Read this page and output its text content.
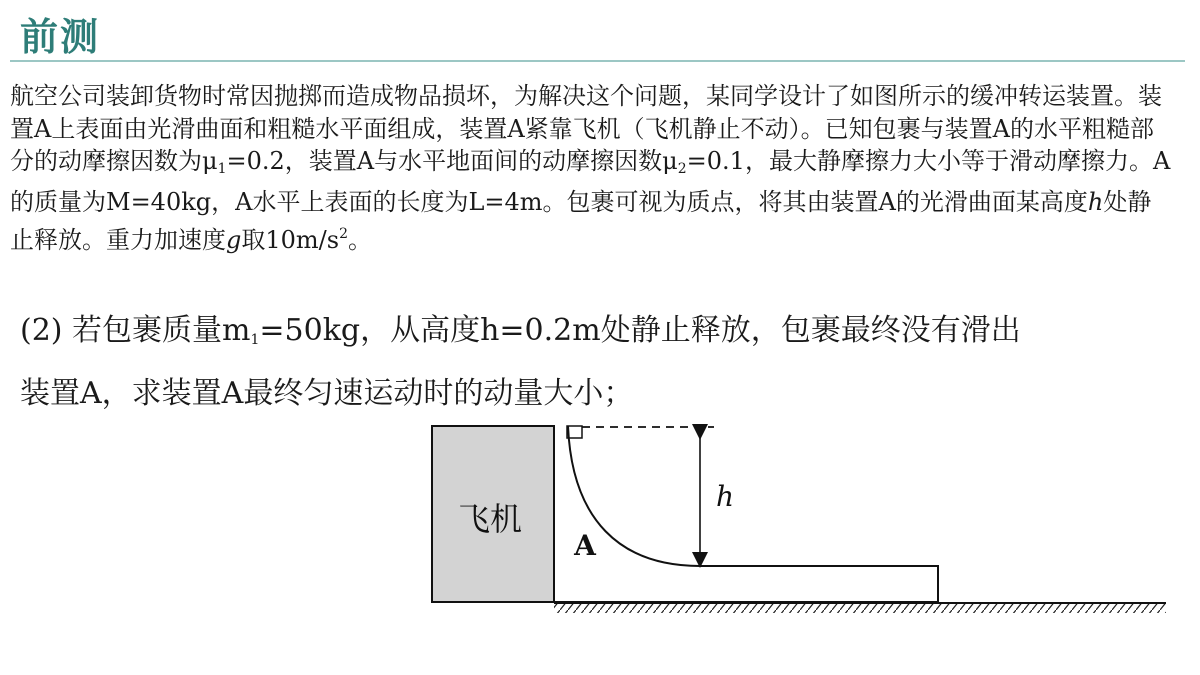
前测
航空公司装卸货物时常因抛掷而造成物品损坏，为解决这个问题，某同学设计了如图所示的缓冲转运装置。装置A上表面由光滑曲面和粗糙水平面组成，装置A紧靠飞机（飞机静止不动）。已知包裹与装置A的水平粗糙部分的动摩擦因数为$\mu_1=0.2$，装置A与水平地面间的动摩擦因数$\mu_2=0.1$，最大静摩擦力大小等于滑动摩擦力。A的质量为M=40kg，A水平上表面的长度为L=4m。包裹可视为质点，将其由装置A的光滑曲面某高度h处静止释放。重力加速度g取$10m/s^2$。
(2) 若包裹质量$m_1=50kg$，从高度h=0.2m处静止释放，包裹最终没有滑出
装置A，求装置A最终匀速运动时的动量大小；
飞机
A
h
